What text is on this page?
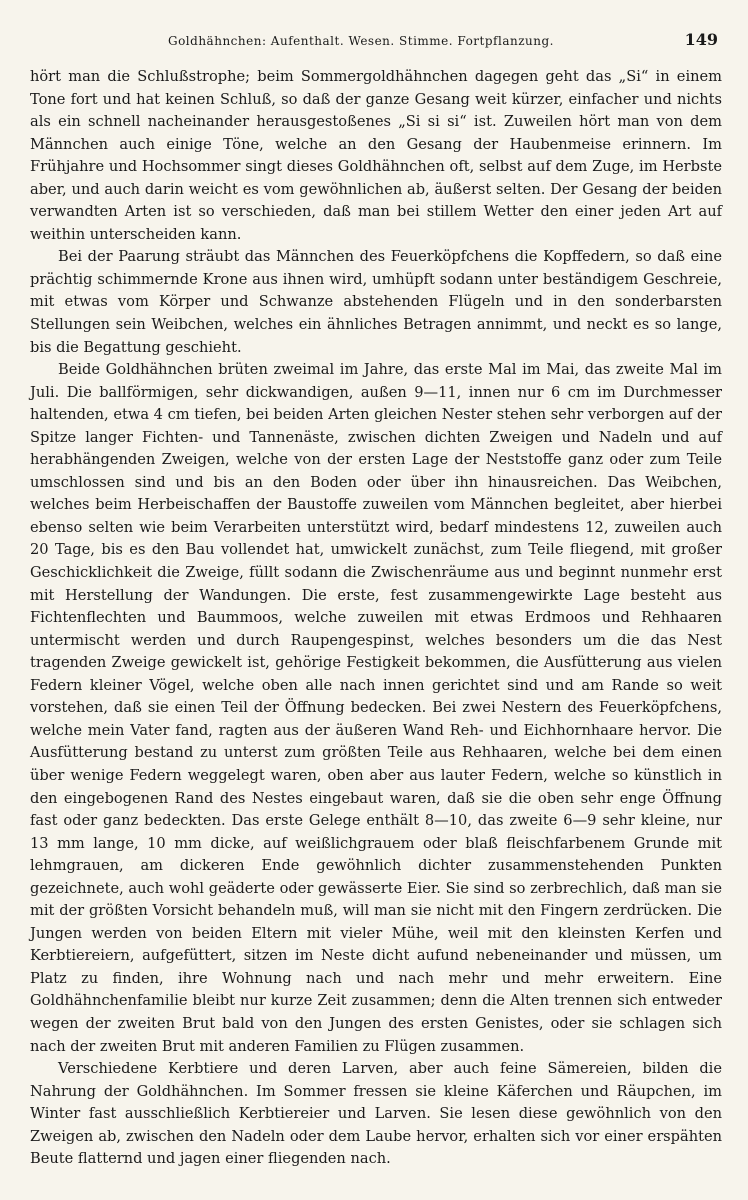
Goldhähnchen: Aufenthalt. Wesen. Stimme. Fortpflanzung.	149

hört man die Schlußstrophe; beim Sommergoldhähnchen dagegen geht das „Si“ in einem Tone fort und hat keinen Schluß, so daß der ganze Gesang weit kürzer, einfacher und nichts als ein schnell nacheinander herausgestoßenes „Si si si“ ist. Zuweilen hört man von dem Männchen auch einige Töne, welche an den Gesang der Haubenmeise erinnern. Im Frühjahre und Hochsommer singt dieses Goldhähnchen oft, selbst auf dem Zuge, im Herbste aber, und auch darin weicht es vom gewöhnlichen ab, äußerst selten. Der Gesang der beiden verwandten Arten ist so verschieden, daß man bei stillem Wetter den einer jeden Art auf weithin unterscheiden kann.

Bei der Paarung sträubt das Männchen des Feuerköpfchens die Kopffedern, so daß eine prächtig schimmernde Krone aus ihnen wird, umhüpft sodann unter beständigem Geschreie, mit etwas vom Körper und Schwanze abstehenden Flügeln und in den sonderbarsten Stellungen sein Weibchen, welches ein ähnliches Betragen annimmt, und neckt es so lange, bis die Begattung geschieht.

Beide Goldhähnchen brüten zweimal im Jahre, das erste Mal im Mai, das zweite Mal im Juli. Die ballförmigen, sehr dickwandigen, außen 9—11, innen nur 6 cm im Durchmesser haltenden, etwa 4 cm tiefen, bei beiden Arten gleichen Nester stehen sehr verborgen auf der Spitze langer Fichten- und Tannenäste, zwischen dichten Zweigen und Nadeln und auf herabhängenden Zweigen, welche von der ersten Lage der Neststoffe ganz oder zum Teile umschlossen sind und bis an den Boden oder über ihn hinausreichen. Das Weibchen, welches beim Herbeischaffen der Baustoffe zuweilen vom Männchen begleitet, aber hierbei ebenso selten wie beim Verarbeiten unterstützt wird, bedarf mindestens 12, zuweilen auch 20 Tage, bis es den Bau vollendet hat, umwickelt zunächst, zum Teile fliegend, mit großer Geschicklichkeit die Zweige, füllt sodann die Zwischenräume aus und beginnt nunmehr erst mit Herstellung der Wandungen. Die erste, fest zusammengewirkte Lage besteht aus Fichtenflechten und Baummoos, welche zuweilen mit etwas Erdmoos und Rehhaaren untermischt werden und durch Raupengespinst, welches besonders um die das Nest tragenden Zweige gewickelt ist, gehörige Festigkeit bekommen, die Ausfütterung aus vielen Federn kleiner Vögel, welche oben alle nach innen gerichtet sind und am Rande so weit vorstehen, daß sie einen Teil der Öffnung bedecken. Bei zwei Nestern des Feuerköpfchens, welche mein Vater fand, ragten aus der äußeren Wand Reh- und Eichhornhaare hervor. Die Ausfütterung bestand zu unterst zum größten Teile aus Rehhaaren, welche bei dem einen über wenige Federn weggelegt waren, oben aber aus lauter Federn, welche so künstlich in den eingebogenen Rand des Nestes eingebaut waren, daß sie die oben sehr enge Öffnung fast oder ganz bedeckten. Das erste Gelege enthält 8—10, das zweite 6—9 sehr kleine, nur 13 mm lange, 10 mm dicke, auf weißlichgrauem oder blaß fleischfarbenem Grunde mit lehmgrauen, am dickeren Ende gewöhnlich dichter zusammenstehenden Punkten gezeichnete, auch wohl geäderte oder gewässerte Eier. Sie sind so zerbrechlich, daß man sie mit der größten Vorsicht behandeln muß, will man sie nicht mit den Fingern zerdrücken. Die Jungen werden von beiden Eltern mit vieler Mühe, weil mit den kleinsten Kerfen und Kerbtiereiern, aufgefüttert, sitzen im Neste dicht aufund nebeneinander und müssen, um Platz zu finden, ihre Wohnung nach und nach mehr und mehr erweitern. Eine Goldhähnchenfamilie bleibt nur kurze Zeit zusammen; denn die Alten trennen sich entweder wegen der zweiten Brut bald von den Jungen des ersten Genistes, oder sie schlagen sich nach der zweiten Brut mit anderen Familien zu Flügen zusammen.

Verschiedene Kerbtiere und deren Larven, aber auch feine Sämereien, bilden die Nahrung der Goldhähnchen. Im Sommer fressen sie kleine Käferchen und Räupchen, im Winter fast ausschließlich Kerbtiereier und Larven. Sie lesen diese gewöhnlich von den Zweigen ab, zwischen den Nadeln oder dem Laube hervor, erhalten sich vor einer erspähten Beute flatternd und jagen einer fliegenden nach.
